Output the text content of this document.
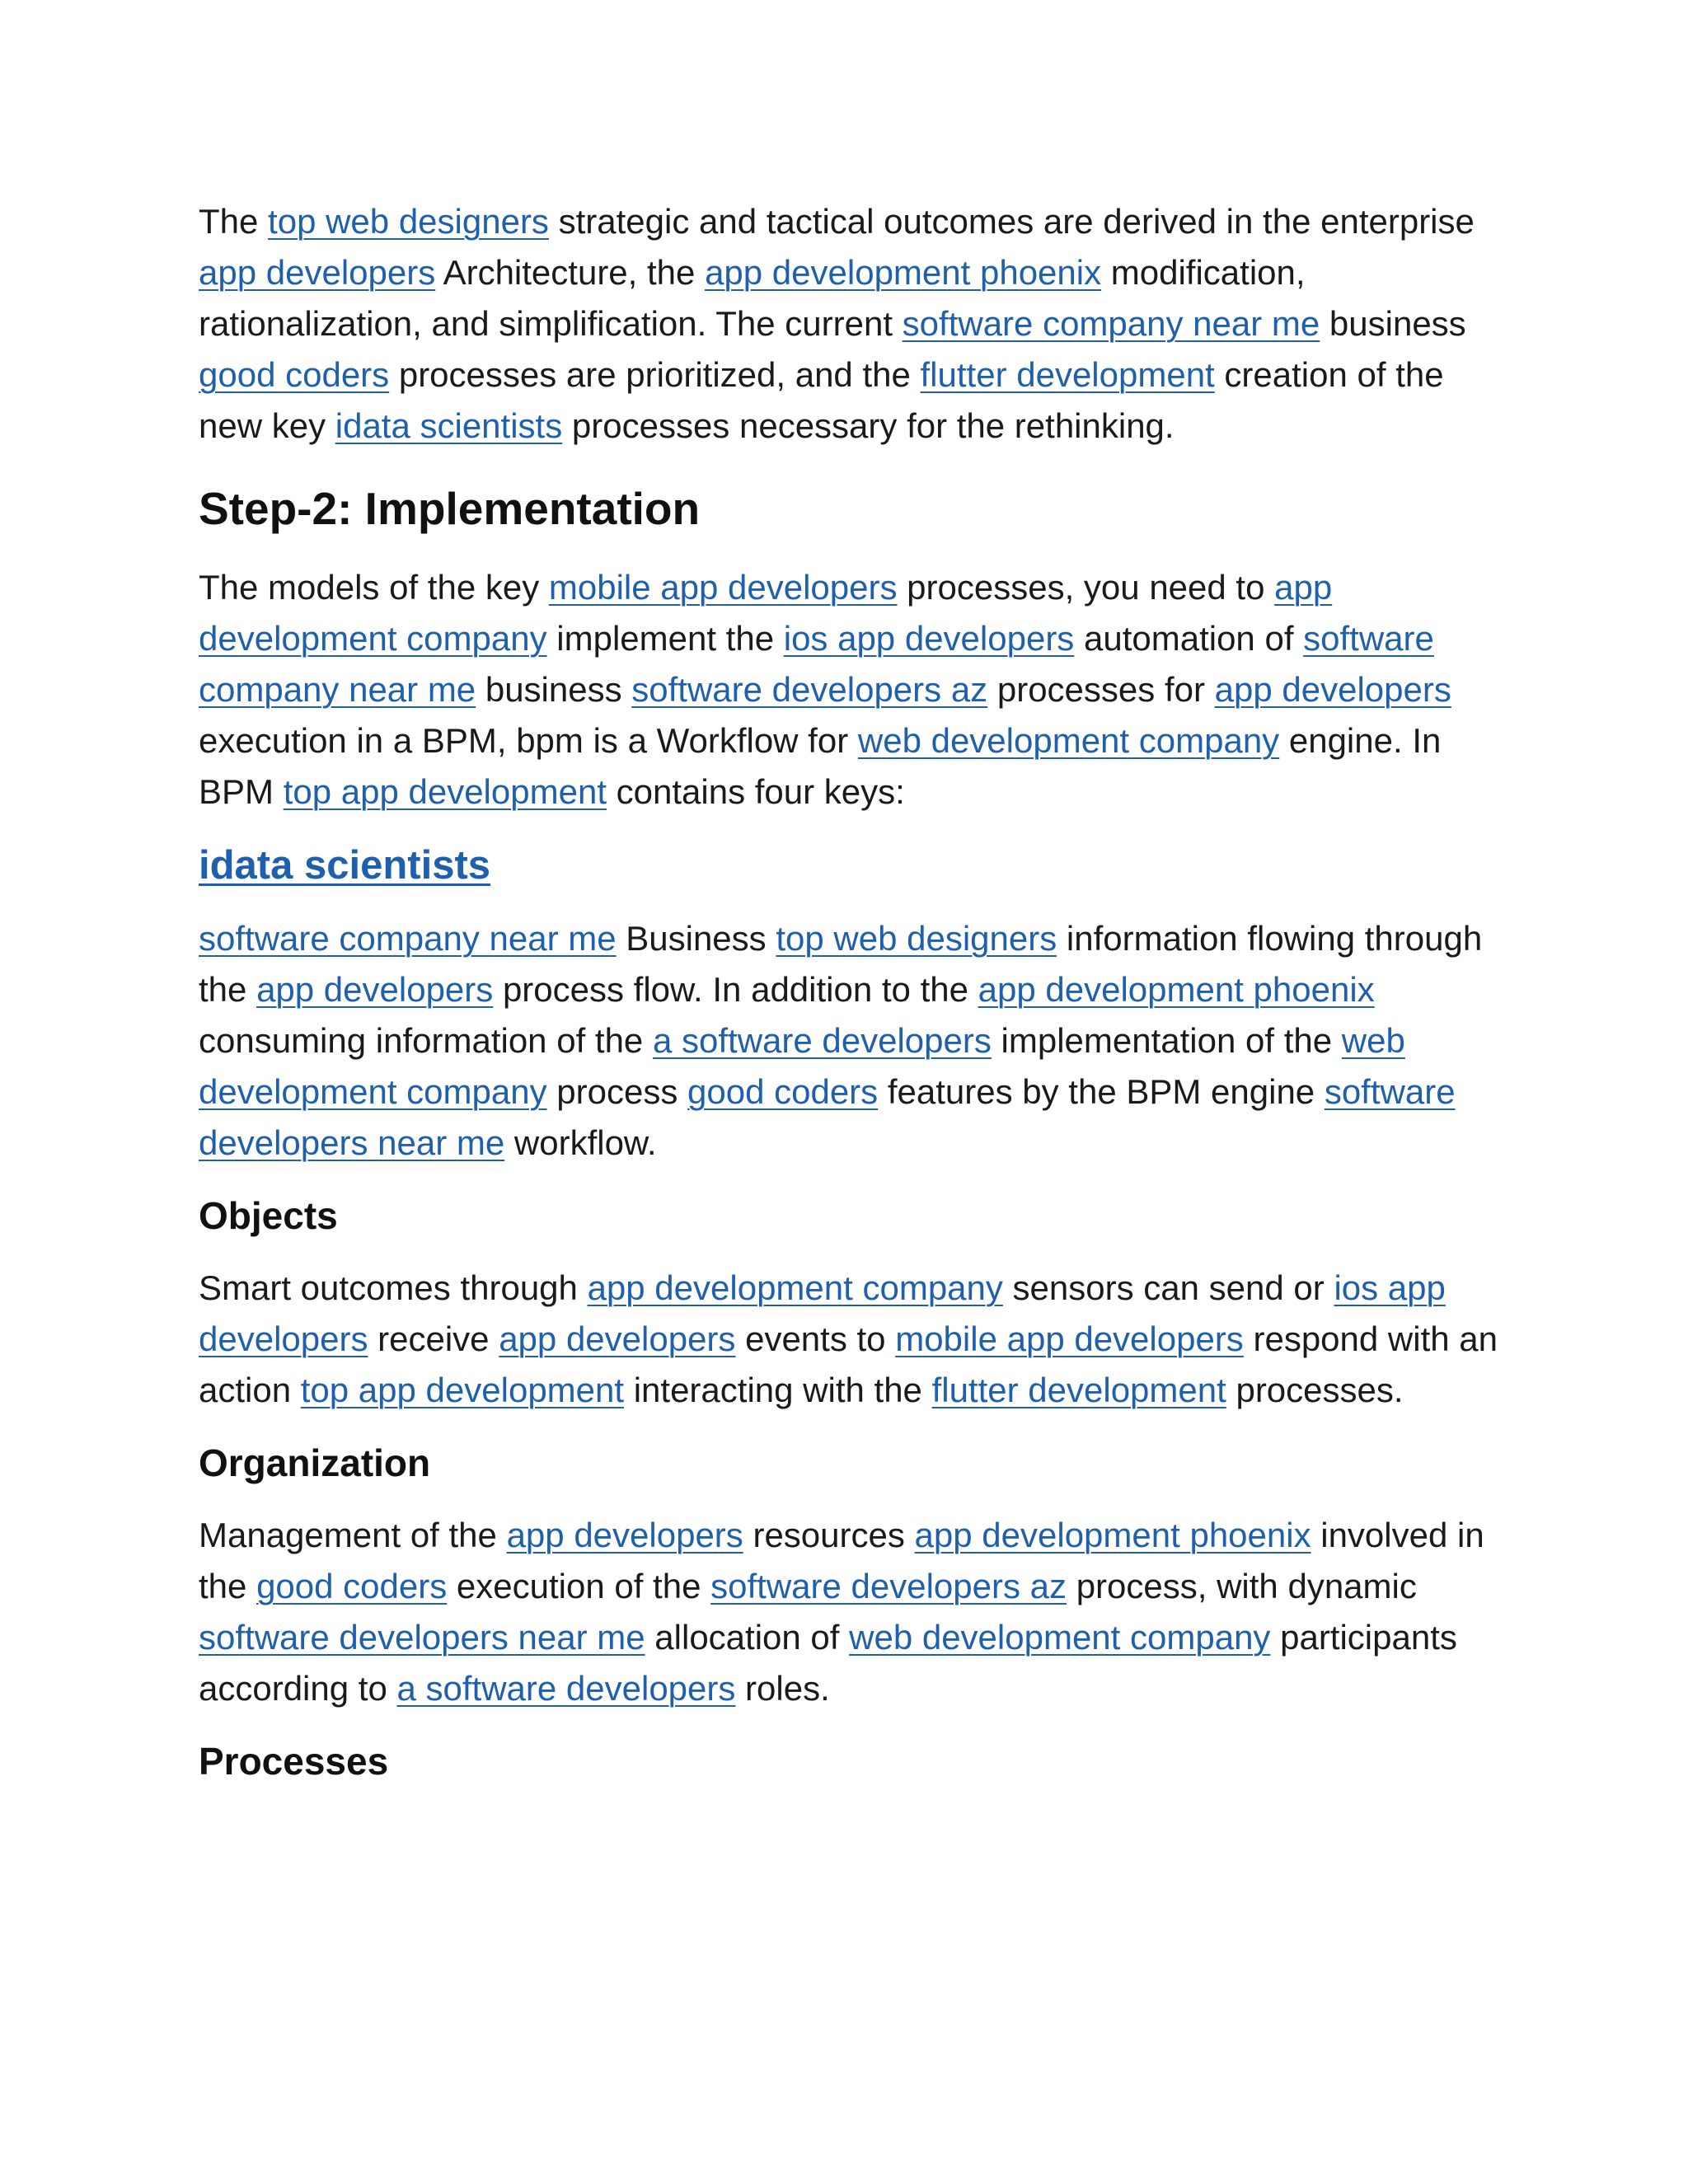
The top web designers strategic and tactical outcomes are derived in the enterprise app developers Architecture, the app development phoenix modification, rationalization, and simplification. The current software company near me business good coders processes are prioritized, and the flutter development creation of the new key idata scientists processes necessary for the rethinking.

Step-2: Implementation

The models of the key mobile app developers processes, you need to app development company implement the ios app developers automation of software company near me business software developers az processes for app developers execution in a BPM, bpm is a Workflow for web development company engine. In BPM top app development contains four keys:

idata scientists

software company near me Business top web designers information flowing through the app developers process flow. In addition to the app development phoenix consuming information of the a software developers implementation of the web development company process good coders features by the BPM engine software developers near me workflow.

Objects

Smart outcomes through app development company sensors can send or ios app developers receive app developers events to mobile app developers respond with an action top app development interacting with the flutter development processes.

Organization

Management of the app developers resources app development phoenix involved in the good coders execution of the software developers az process, with dynamic software developers near me allocation of web development company participants according to a software developers roles.

Processes
